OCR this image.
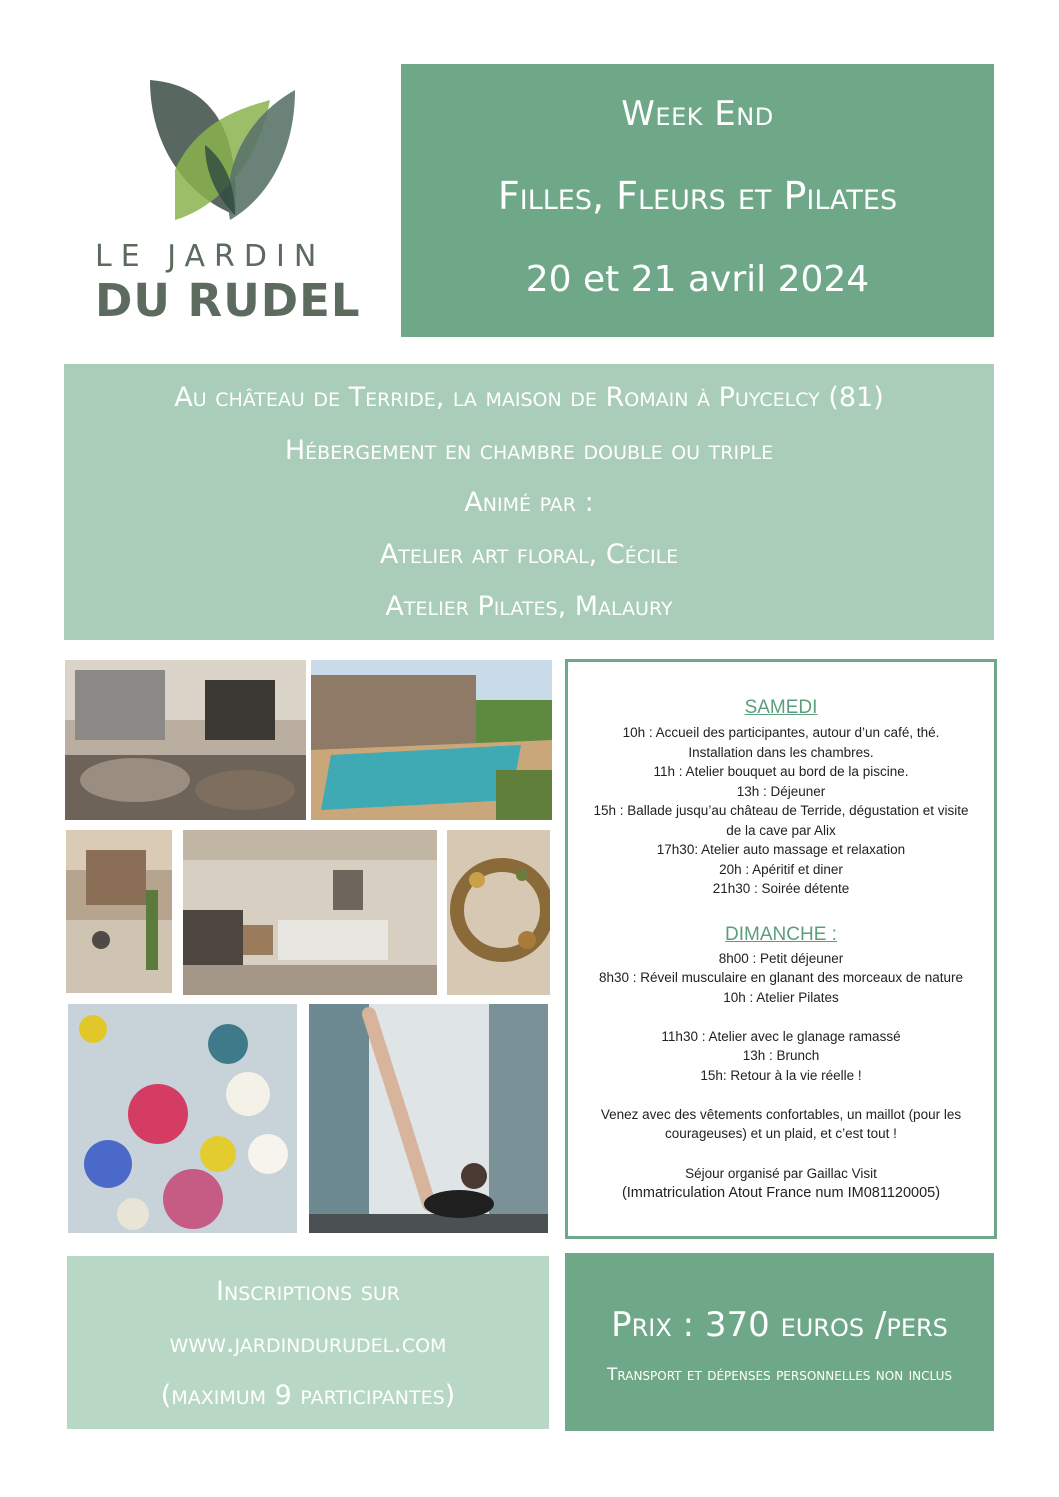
LE JARDIN
DU RUDEL
Week End
Filles, Fleurs et Pilates
20 et 21 avril 2024
Au château de Terride, la maison de Romain à Puycelcy (81)
Hébergement en chambre double ou triple
Animé par :
Atelier art floral, Cécile
Atelier Pilates, Malaury
SAMEDI
10h : Accueil des participantes, autour d’un café, thé.
Installation dans les chambres.
11h : Atelier bouquet au bord de la piscine.
13h : Déjeuner
15h : Ballade jusqu’au château de Terride, dégustation et visite
de la cave par Alix
17h30: Atelier auto massage et relaxation
20h : Apéritif et diner
21h30 : Soirée détente
DIMANCHE :
8h00 : Petit déjeuner
8h30 : Réveil musculaire en glanant des morceaux de nature
10h : Atelier Pilates
11h30 : Atelier avec le glanage ramassé
13h : Brunch
15h: Retour à la vie réelle !
Venez avec des vêtements confortables, un maillot (pour les
courageuses) et un plaid, et c’est tout !
Séjour organisé par Gaillac Visit
(Immatriculation Atout France num IM081120005)
Inscriptions sur
www.jardindurudel.com
(maximum 9 participantes)
Prix : 370 euros /pers
Transport et dépenses personnelles non inclus
